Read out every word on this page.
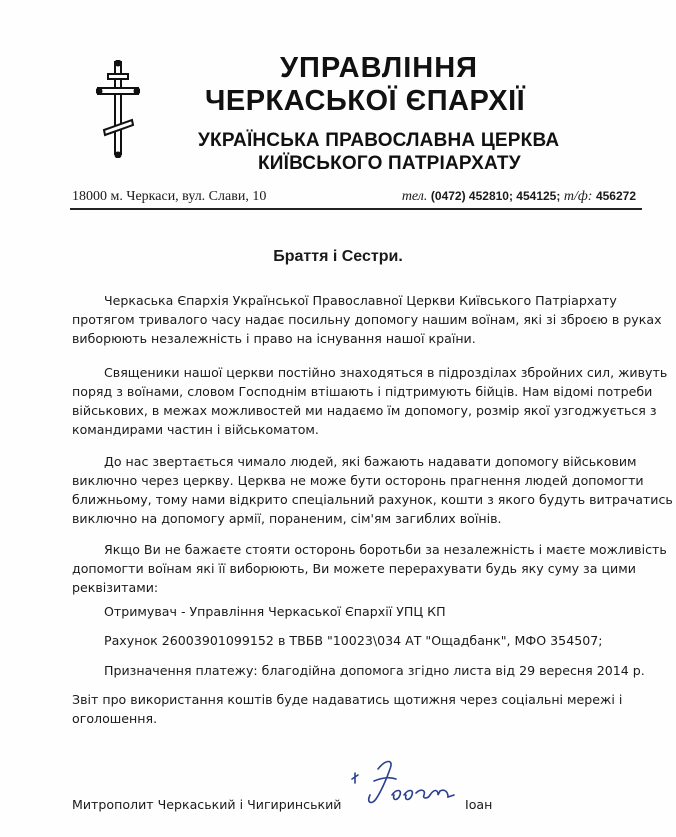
УПРАВЛІННЯ
ЧЕРКАСЬКОЇ ЄПАРХІЇ
УКРАЇНСЬКА ПРАВОСЛАВНА ЦЕРКВА
КИЇВСЬКОГО ПАТРІАРХАТУ
18000 м. Черкаси, вул. Слави, 10	тел. (0472) 452810; 454125; т/ф: 456272
Браття і Сестри.
Черкаська Єпархія Української Православної Церкви Київського Патріархату
протягом тривалого часу надає посильну допомогу нашим воїнам, які зі зброєю в руках
виборюють незалежність і право на існування нашої країни.
Священики нашої церкви постійно знаходяться в підрозділах збройних сил, живуть
поряд з воїнами, словом Господнім втішають і підтримують бійців. Нам відомі потреби
військових, в межах можливостей ми надаємо їм допомогу, розмір якої узгоджується з
командирами частин і військоматом.
До нас звертається чимало людей, які бажають надавати допомогу військовим
виключно через церкву. Церква не може бути осторонь прагнення людей допомогти
ближньому, тому нами відкрито спеціальний рахунок, кошти з якого будуть витрачатись
виключно на допомогу армії, пораненим, сім'ям загиблих воїнів.
Якщо Ви не бажаєте стояти осторонь боротьби за незалежність і маєте можливість
допомогти воїнам які її виборюють, Ви можете перерахувати будь яку суму за цими
реквізитами:
Отримувач - Управління Черкаської Єпархії УПЦ КП
Рахунок 26003901099152 в ТВБВ "10023\034 АТ "Ощадбанк", МФО 354507;
Призначення платежу: благодійна допомога згідно листа від 29 вересня 2014 р.
Звіт про використання коштів буде надаватись щотижня через соціальні мережі і
оголошення.
Митрополит Черкаський і Чигиринський	Іоан
